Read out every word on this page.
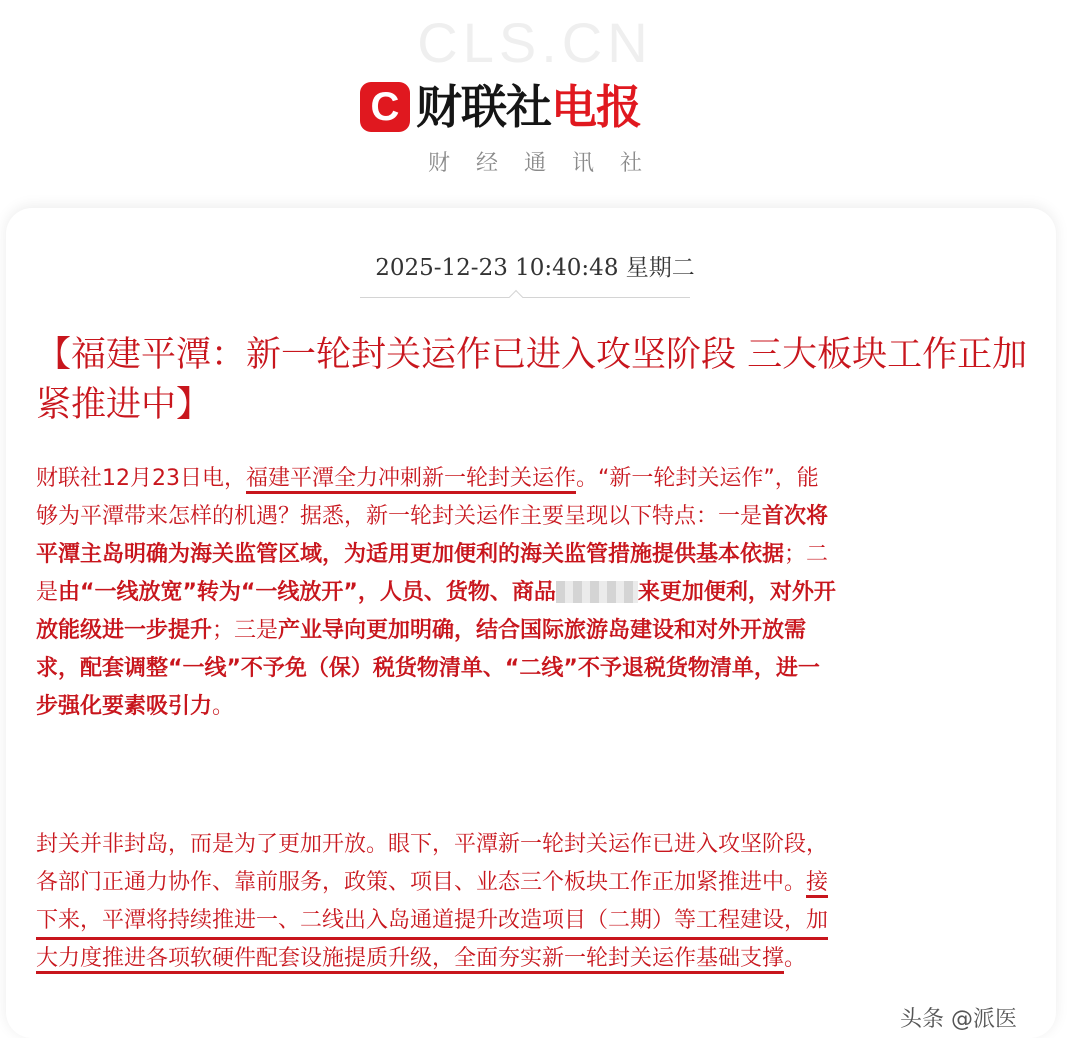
CLS.CN
C 财联社电报
财经通讯社
2025-12-23 10:40:48 星期二
【福建平潭：新一轮封关运作已进入攻坚阶段 三大板块工作正加紧推进中】
财联社12月23日电，福建平潭全力冲刺新一轮封关运作。“新一轮封关运作”，能
够为平潭带来怎样的机遇？据悉，新一轮封关运作主要呈现以下特点：一是首次将
平潭主岛明确为海关监管区域，为适用更加便利的海关监管措施提供基本依据；二
是由“一线放宽”转为“一线放开”，人员、货物、商品	来更加便利，对外开
放能级进一步提升；三是产业导向更加明确，结合国际旅游岛建设和对外开放需
求，配套调整“一线”不予免（保）税货物清单、“二线”不予退税货物清单，进一
步强化要素吸引力。
封关并非封岛，而是为了更加开放。眼下，平潭新一轮封关运作已进入攻坚阶段，
各部门正通力协作、靠前服务，政策、项目、业态三个板块工作正加紧推进中。接
下来，平潭将持续推进一、二线出入岛通道提升改造项目（二期）等工程建设，加
大力度推进各项软硬件配套设施提质升级，全面夯实新一轮封关运作基础支撑。
头条 @派医
